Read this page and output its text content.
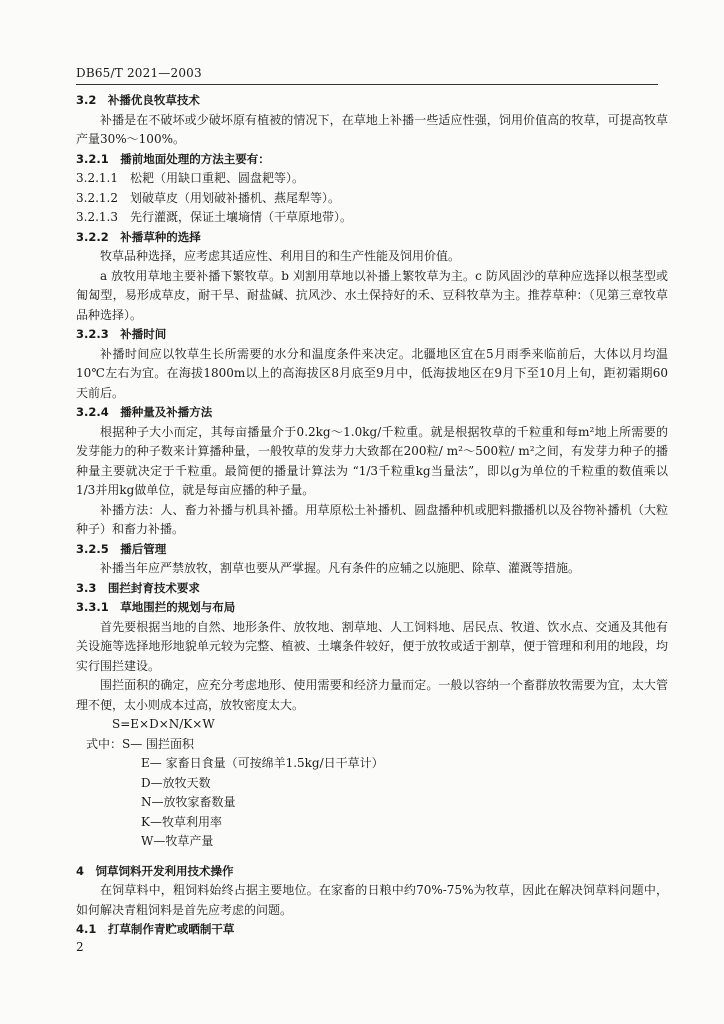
DB65/T 2021—2003
3.2　补播优良牧草技术
补播是在不破坏或少破坏原有植被的情况下，在草地上补播一些适应性强，饲用价值高的牧草，可提高牧草产量30%～100%。
3.2.1　播前地面处理的方法主要有：
3.2.1.1　松耙（用缺口重耙、圆盘耙等）。
3.2.1.2　划破草皮（用划破补播机、燕尾犁等）。
3.2.1.3　先行灌溉，保证土壤墒情（干草原地带）。
3.2.2　补播草种的选择
牧草品种选择，应考虑其适应性、利用目的和生产性能及饲用价值。
a 放牧用草地主要补播下繁牧草。b 刈割用草地以补播上繁牧草为主。c 防风固沙的草种应选择以根茎型或匍匐型，易形成草皮，耐干旱、耐盐碱、抗风沙、水土保持好的禾、豆科牧草为主。推荐草种：（见第三章牧草品种选择）。
3.2.3　补播时间
补播时间应以牧草生长所需要的水分和温度条件来决定。北疆地区宜在5月雨季来临前后，大体以月均温10℃左右为宜。在海拔1800m以上的高海拔区8月底至9月中，低海拔地区在9月下至10月上旬，距初霜期60天前后。
3.2.4　播种量及补播方法
根据种子大小而定，其每亩播量介于0.2kg～1.0kg/千粒重。就是根据牧草的千粒重和每m²地上所需要的发芽能力的种子数来计算播种量，一般牧草的发芽力大致都在200粒/ m²～500粒/ m²之间，有发芽力种子的播种量主要就决定于千粒重。最简便的播量计算法为 “1/3千粒重kg当量法”，即以g为单位的千粒重的数值乘以1/3并用kg做单位，就是每亩应播的种子量。
补播方法：人、畜力补播与机具补播。用草原松土补播机、圆盘播种机或肥料撒播机以及谷物补播机（大粒种子）和畜力补播。
3.2.5　播后管理
补播当年应严禁放牧，割草也要从严掌握。凡有条件的应辅之以施肥、除草、灌溉等措施。
3.3　围拦封育技术要求
3.3.1　草地围拦的规划与布局
首先要根据当地的自然、地形条件、放牧地、割草地、人工饲料地、居民点、牧道、饮水点、交通及其他有关设施等选择地形地貌单元较为完整、植被、土壤条件较好，便于放牧或适于割草，便于管理和利用的地段，均实行围拦建设。
围拦面积的确定，应充分考虑地形、使用需要和经济力量而定。一般以容纳一个畜群放牧需要为宜，太大管理不便，太小则成本过高，放牧密度太大。
S=E×D×N/K×W
式中：S— 围拦面积
E— 家畜日食量（可按绵羊1.5kg/日干草计）
D—放牧天数
N—放牧家畜数量
K—牧草利用率
W—牧草产量
4　饲草饲料开发利用技术操作
在饲草料中，粗饲料始终占据主要地位。在家畜的日粮中约70%-75%为牧草，因此在解决饲草料问题中，如何解决青粗饲料是首先应考虑的问题。
4.1　打草制作青贮或晒制干草
2
